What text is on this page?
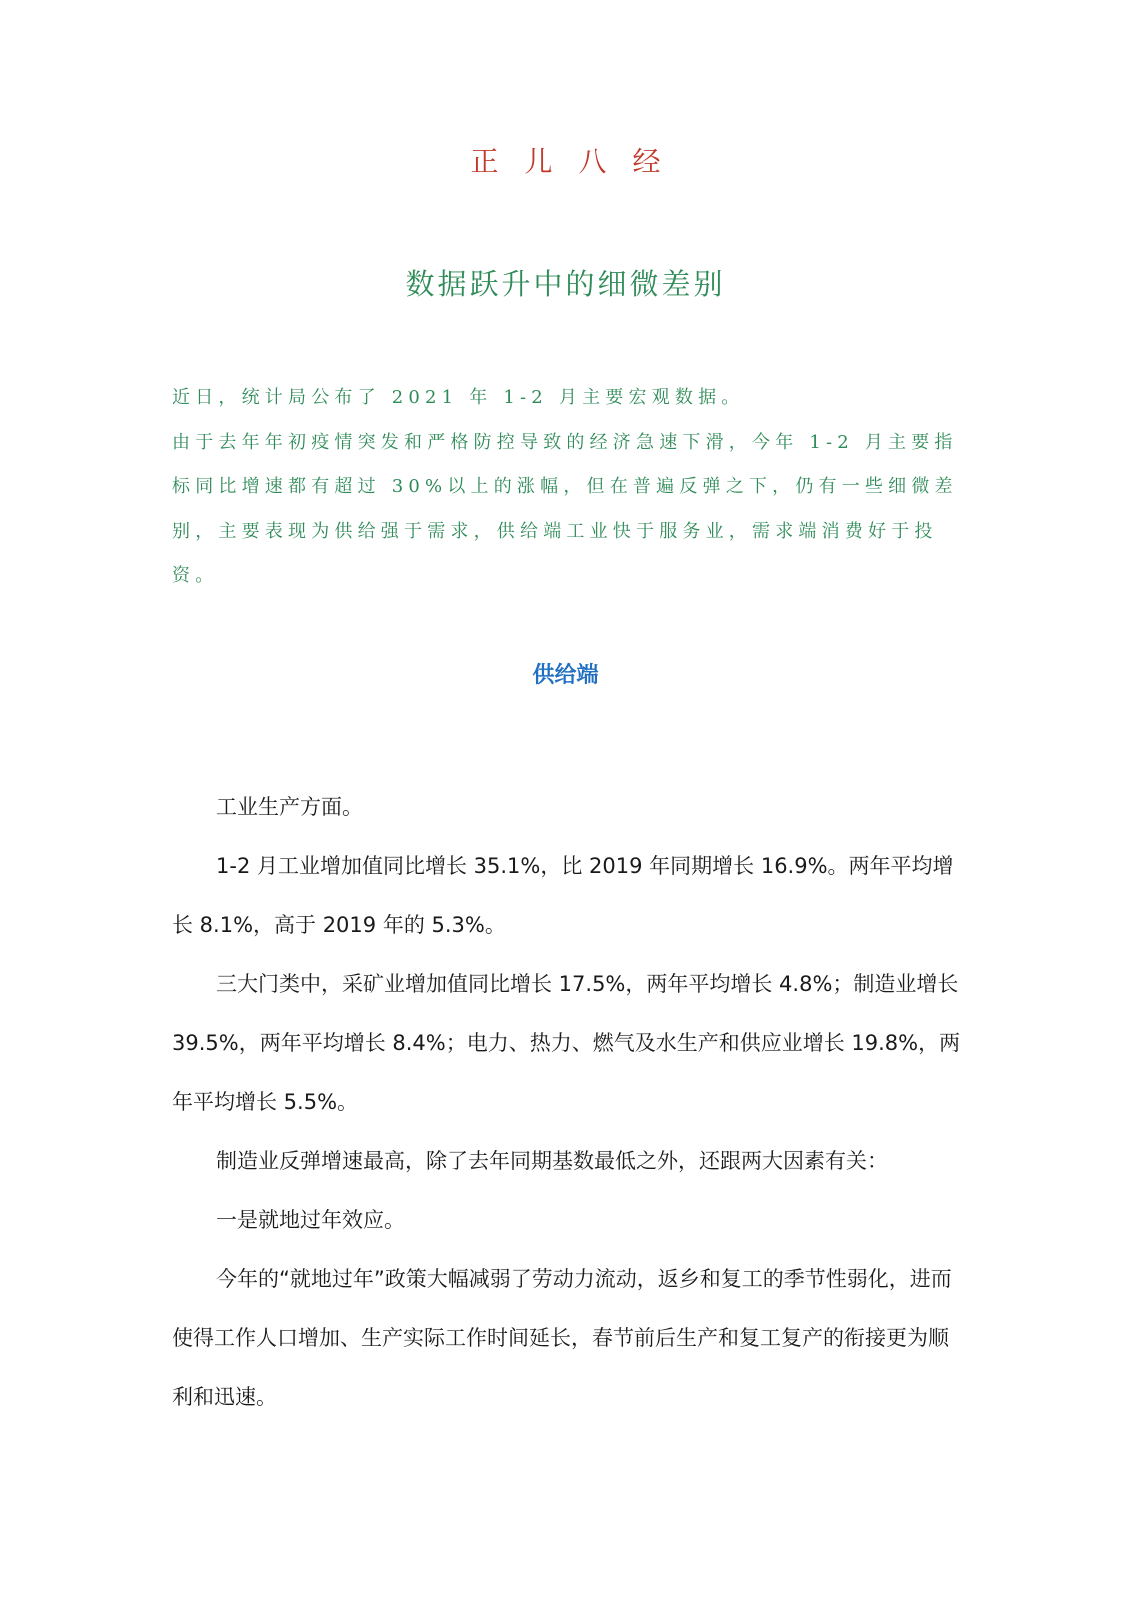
正儿八经
数据跃升中的细微差别

近日，统计局公布了 2021 年 1-2 月主要宏观数据。

由于去年年初疫情突发和严格防控导致的经济急速下滑，今年 1-2 月主要指标同比增速都有超过 30%以上的涨幅，但在普遍反弹之下，仍有一些细微差别，主要表现为供给强于需求，供给端工业快于服务业，需求端消费好于投资。

供给端

工业生产方面。

1-2 月工业增加值同比增长 35.1%，比 2019 年同期增长 16.9%。两年平均增长 8.1%，高于 2019 年的 5.3%。

三大门类中，采矿业增加值同比增长 17.5%，两年平均增长 4.8%；制造业增长 39.5%，两年平均增长 8.4%；电力、热力、燃气及水生产和供应业增长 19.8%，两年平均增长 5.5%。

制造业反弹增速最高，除了去年同期基数最低之外，还跟两大因素有关：

一是就地过年效应。

今年的“就地过年”政策大幅减弱了劳动力流动，返乡和复工的季节性弱化，进而使得工作人口增加、生产实际工作时间延长，春节前后生产和复工复产的衔接更为顺利和迅速。
